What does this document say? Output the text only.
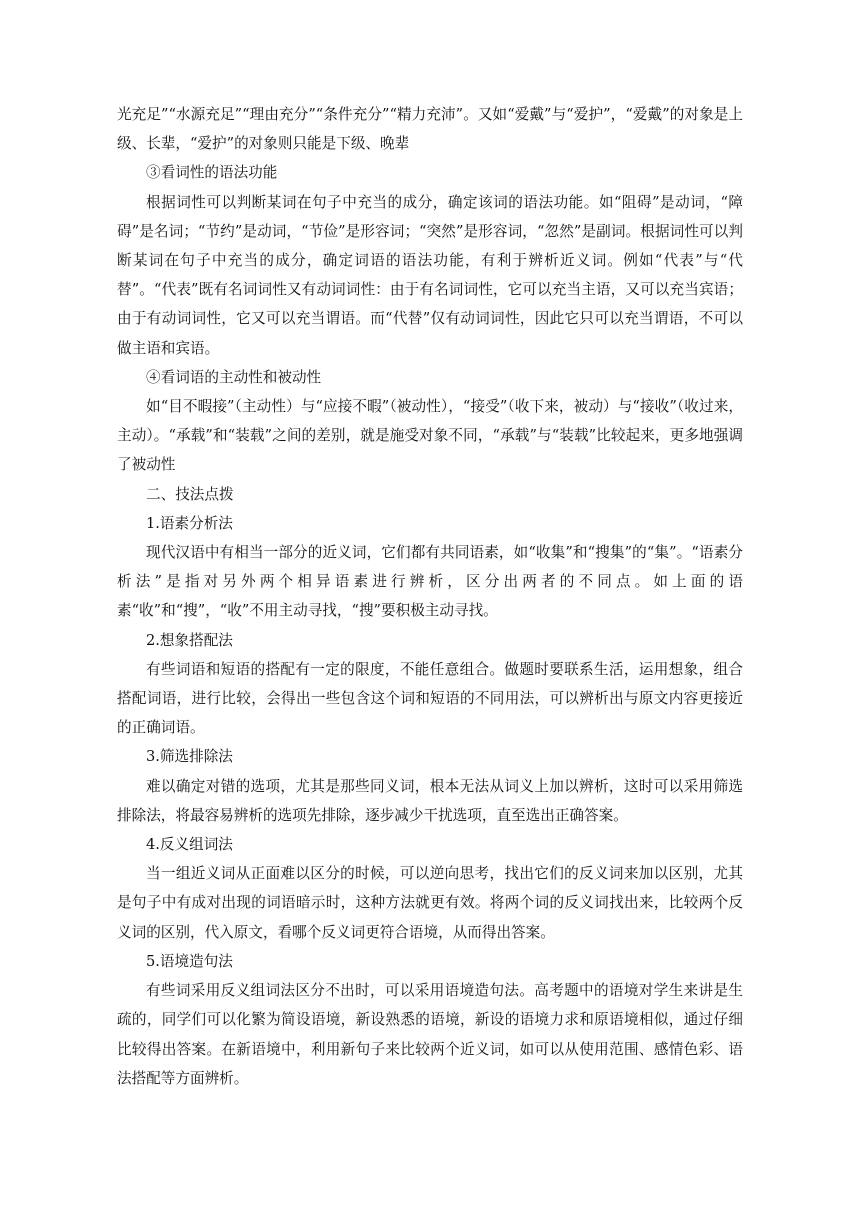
光充足”“水源充足”“理由充分”“条件充分”“精力充沛”。又如“爱戴”与“爱护”，“爱戴”的对象是上级、长辈，“爱护”的对象则只能是下级、晚辈

③看词性的语法功能

根据词性可以判断某词在句子中充当的成分，确定该词的语法功能。如“阻碍”是动词，“障碍”是名词；“节约”是动词，“节俭”是形容词；“突然”是形容词，“忽然”是副词。根据词性可以判断某词在句子中充当的成分，确定词语的语法功能，有利于辨析近义词。例如“代表”与“代替”。“代表”既有名词词性又有动词词性：由于有名词词性，它可以充当主语，又可以充当宾语；由于有动词词性，它又可以充当谓语。而“代替”仅有动词词性，因此它只可以充当谓语，不可以做主语和宾语。

④看词语的主动性和被动性

如“目不暇接”（主动性）与“应接不暇”（被动性），“接受”（收下来，被动）与“接收”（收过来，主动）。“承载”和“装载”之间的差别，就是施受对象不同，“承载”与“装载”比较起来，更多地强调了被动性

二、技法点拨

1.语素分析法

现代汉语中有相当一部分的近义词，它们都有共同语素，如“收集”和“搜集”的“集”。“语素分析法”是指对另外两个相异语素进行辨析，区分出两者的不同点。如上面的语素“收”和“搜”，“收”不用主动寻找，“搜”要积极主动寻找。

2.想象搭配法

有些词语和短语的搭配有一定的限度，不能任意组合。做题时要联系生活，运用想象，组合搭配词语，进行比较，会得出一些包含这个词和短语的不同用法，可以辨析出与原文内容更接近的正确词语。

3.筛选排除法

难以确定对错的选项，尤其是那些同义词，根本无法从词义上加以辨析，这时可以采用筛选排除法，将最容易辨析的选项先排除，逐步减少干扰选项，直至选出正确答案。

4.反义组词法

当一组近义词从正面难以区分的时候，可以逆向思考，找出它们的反义词来加以区别，尤其是句子中有成对出现的词语暗示时，这种方法就更有效。将两个词的反义词找出来，比较两个反义词的区别，代入原文，看哪个反义词更符合语境，从而得出答案。

5.语境造句法

有些词采用反义组词法区分不出时，可以采用语境造句法。高考题中的语境对学生来讲是生疏的，同学们可以化繁为简设语境，新设熟悉的语境，新设的语境力求和原语境相似，通过仔细比较得出答案。在新语境中，利用新句子来比较两个近义词，如可以从使用范围、感情色彩、语法搭配等方面辨析。
